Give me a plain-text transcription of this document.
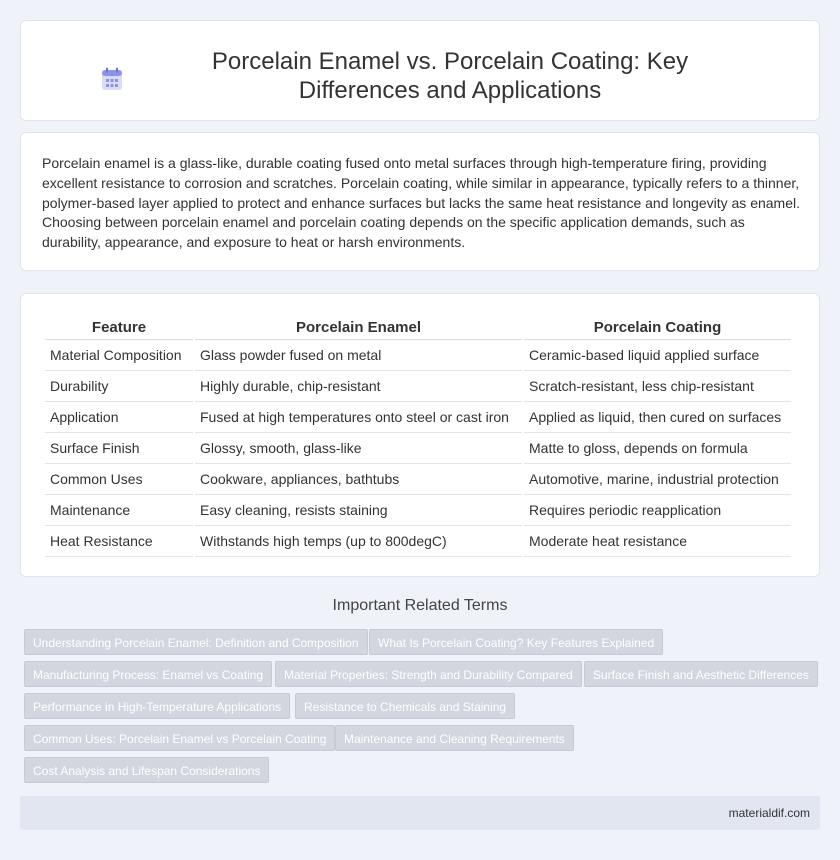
Porcelain Enamel vs. Porcelain Coating: Key Differences and Applications

Porcelain enamel is a glass-like, durable coating fused onto metal surfaces through high-temperature firing, providing excellent resistance to corrosion and scratches. Porcelain coating, while similar in appearance, typically refers to a thinner, polymer-based layer applied to protect and enhance surfaces but lacks the same heat resistance and longevity as enamel. Choosing between porcelain enamel and porcelain coating depends on the specific application demands, such as durability, appearance, and exposure to heat or harsh environments.

Feature	Porcelain Enamel	Porcelain Coating
Material Composition	Glass powder fused on metal	Ceramic-based liquid applied surface
Durability	Highly durable, chip-resistant	Scratch-resistant, less chip-resistant
Application	Fused at high temperatures onto steel or cast iron	Applied as liquid, then cured on surfaces
Surface Finish	Glossy, smooth, glass-like	Matte to gloss, depends on formula
Common Uses	Cookware, appliances, bathtubs	Automotive, marine, industrial protection
Maintenance	Easy cleaning, resists staining	Requires periodic reapplication
Heat Resistance	Withstands high temps (up to 800degC)	Moderate heat resistance
Important Related Terms
Understanding Porcelain Enamel: Definition and Composition	What Is Porcelain Coating? Key Features Explained
Manufacturing Process: Enamel vs Coating	Material Properties: Strength and Durability Compared	Surface Finish and Aesthetic Differences
Performance in High-Temperature Applications	Resistance to Chemicals and Staining
Common Uses: Porcelain Enamel vs Porcelain Coating	Maintenance and Cleaning Requirements
Cost Analysis and Lifespan Considerations
materialdif.com
